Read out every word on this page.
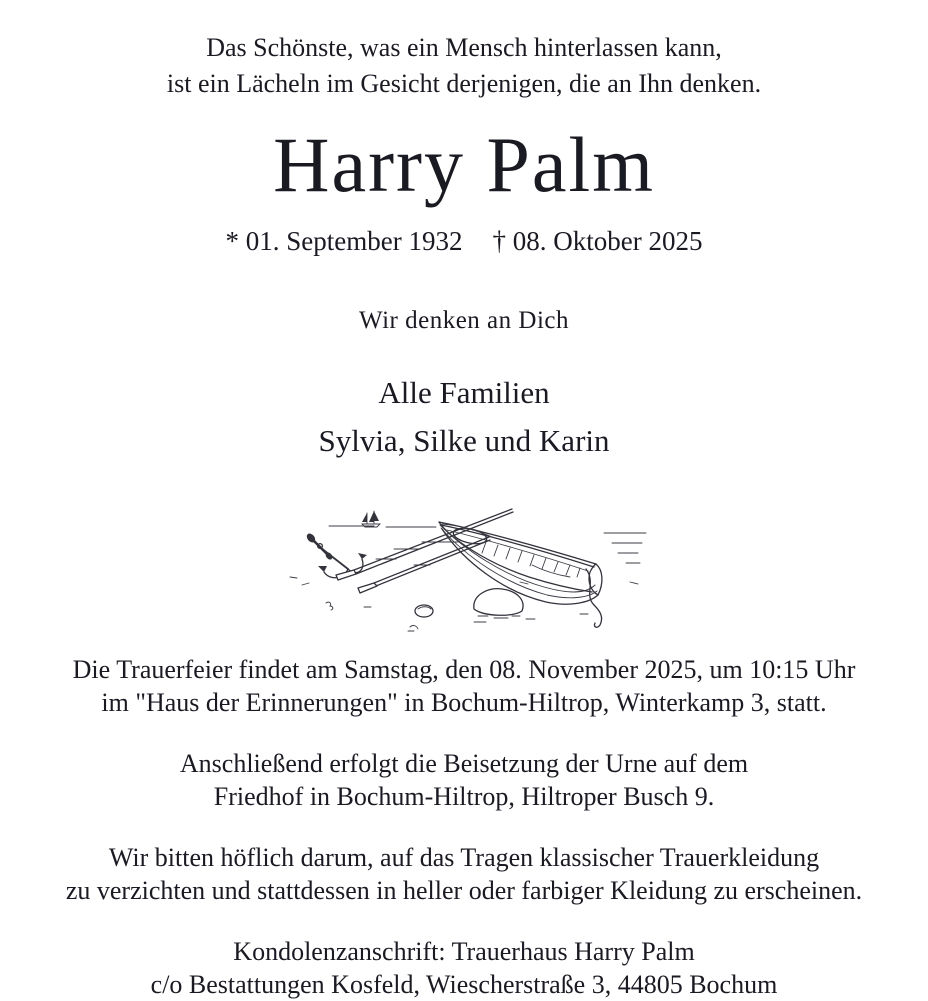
Das Schönste, was ein Mensch hinterlassen kann,
ist ein Lächeln im Gesicht derjenigen, die an Ihn denken.
Harry Palm
* 01. September 1932 † 08. Oktober 2025
Wir denken an Dich
Alle Familien
Sylvia, Silke und Karin
Die Trauerfeier findet am Samstag, den 08. November 2025, um 10:15 Uhr
im "Haus der Erinnerungen" in Bochum-Hiltrop, Winterkamp 3, statt.
Anschließend erfolgt die Beisetzung der Urne auf dem
Friedhof in Bochum-Hiltrop, Hiltroper Busch 9.
Wir bitten höflich darum, auf das Tragen klassischer Trauerkleidung
zu verzichten und stattdessen in heller oder farbiger Kleidung zu erscheinen.
Kondolenzanschrift: Trauerhaus Harry Palm
c/o Bestattungen Kosfeld, Wiescherstraße 3, 44805 Bochum
